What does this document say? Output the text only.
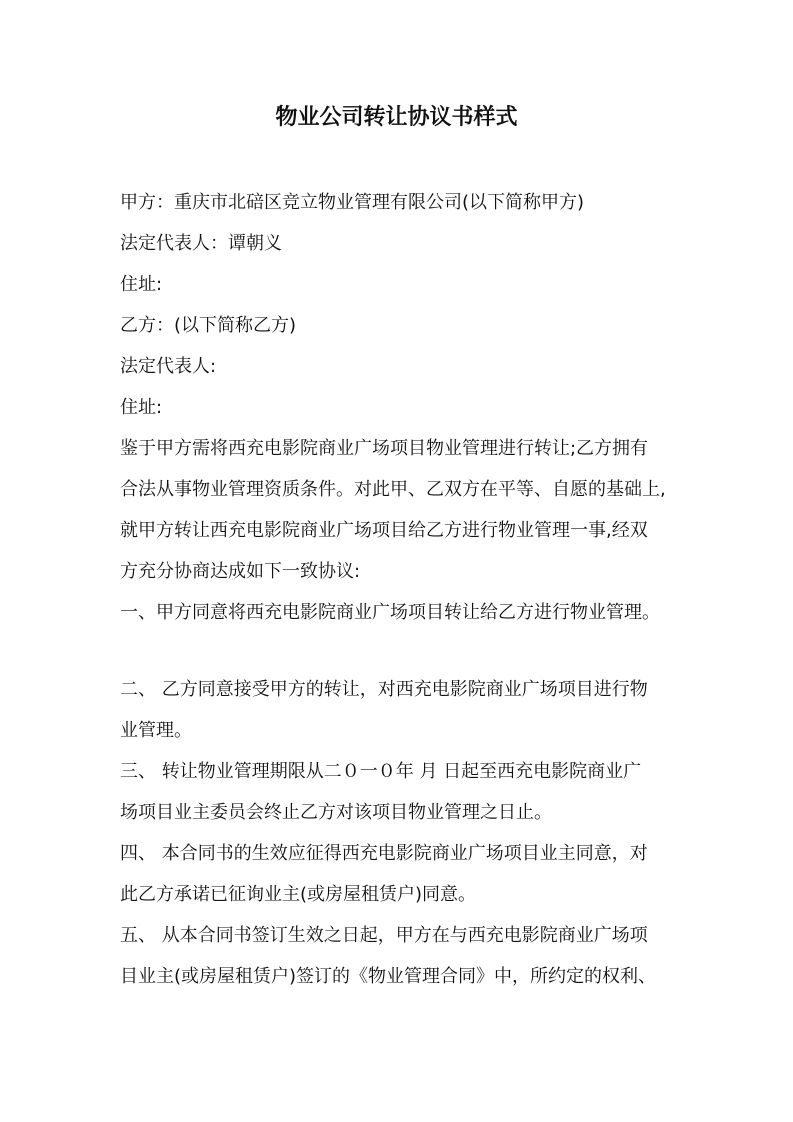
物业公司转让协议书样式
甲方：重庆市北碚区竞立物业管理有限公司(以下简称甲方)
法定代表人：谭朝义
住址:
乙方：(以下简称乙方)
法定代表人:
住址:
鉴于甲方需将西充电影院商业广场项目物业管理进行转让;乙方拥有
合法从事物业管理资质条件。对此甲、乙双方在平等、自愿的基础上,
就甲方转让西充电影院商业广场项目给乙方进行物业管理一事,经双
方充分协商达成如下一致协议:
一、甲方同意将西充电影院商业广场项目转让给乙方进行物业管理。
二、 乙方同意接受甲方的转让，对西充电影院商业广场项目进行物
业管理。
三、 转让物业管理期限从二０一０年 月 日起至西充电影院商业广
场项目业主委员会终止乙方对该项目物业管理之日止。
四、 本合同书的生效应征得西充电影院商业广场项目业主同意，对
此乙方承诺已征询业主(或房屋租赁户)同意。
五、 从本合同书签订生效之日起，甲方在与西充电影院商业广场项
目业主(或房屋租赁户)签订的《物业管理合同》中，所约定的权利、
